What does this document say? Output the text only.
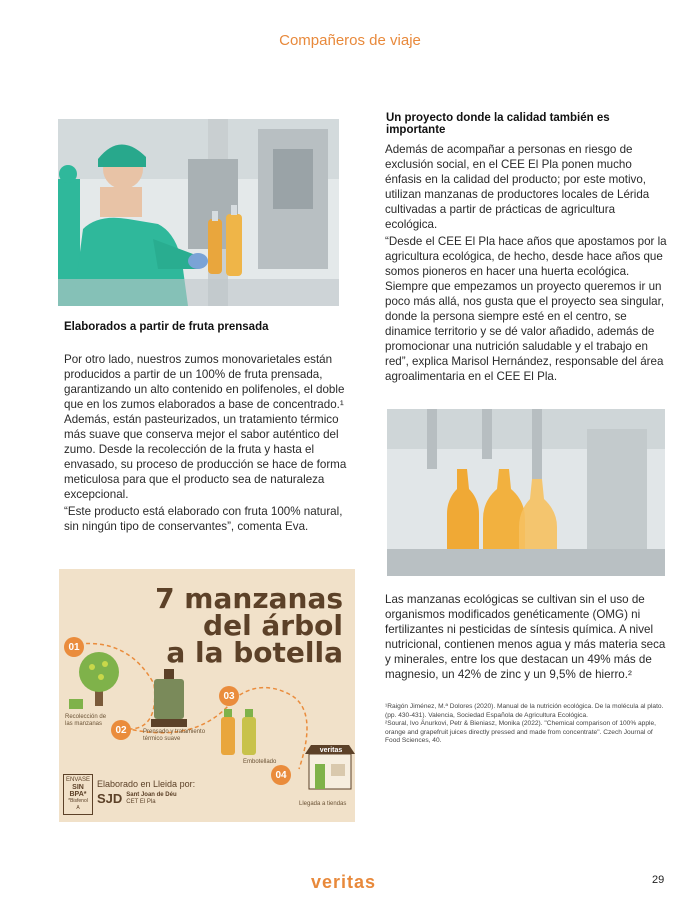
Compañeros de viaje
Elaborados a partir de fruta prensada

Por otro lado, nuestros zumos monovarietales están producidos a partir de un 100% de fruta prensada, garantizando un alto contenido en polifenoles, el doble que en los zumos elaborados a base de concentrado.¹ Además, están pasteurizados, un tratamiento térmico más suave que conserva mejor el sabor auténtico del zumo. Desde la recolección de la fruta y hasta el envasado, su proceso de producción se hace de forma meticulosa para que el producto sea de naturaleza excepcional.

“Este producto está elaborado con fruta 100% natural, sin ningún tipo de conservantes”, comenta Eva.

Un proyecto donde la calidad también es importante

Además de acompañar a personas en riesgo de exclusión social, en el CEE El Pla ponen mucho énfasis en la calidad del producto; por este motivo, utilizan manzanas de productores locales de Lérida cultivadas a partir de prácticas de agricultura ecológica.

“Desde el CEE El Pla hace años que apostamos por la agricultura ecológica, de hecho, desde hace años que somos pioneros en hacer una huerta ecológica. Siempre que empezamos un proyecto queremos ir un poco más allá, nos gusta que el proyecto sea singular, donde la persona siempre esté en el centro, se dinamice territorio y se dé valor añadido, además de promocionar una nutrición saludable y el trabajo en red”, explica Marisol Hernández, responsable del área agroalimentaria en el CEE El Pla.

Las manzanas ecológicas se cultivan sin el uso de organismos modificados genéticamente (OMG) ni fertilizantes ni pesticidas de síntesis química. A nivel nutricional, contienen menos agua y más materia seca y minerales, entre los que destacan un 49% más de magnesio, un 42% de zinc y un 9,5% de hierro.²

¹Raigón Jiménez, M.ª Dolores (2020). Manual de la nutrición ecológica. De la molécula al plato. (pp. 430-431). Valencia, Sociedad Española de Agricultura Ecológica.
²Soural, Ivo Änurkovi, Petr & Bieniasz, Monika (2022). "Chemical comparison of 100% apple, orange and grapefruit juices directly pressed and made from concentrate". Czech Journal of Food Sciences, 40.
7 manzanas
del árbol
a la botella
veritas
01
Recolección de las manzanas
02	Prensado y tratamiento térmico suave
03
Embotellado
04
Llegada a tiendas
ENVASE
SIN
BPA*
*Bisfenol A
Elaborado en Lleida por:
SJD Sant Joan de Déu
CET El Pla
veritas	29
